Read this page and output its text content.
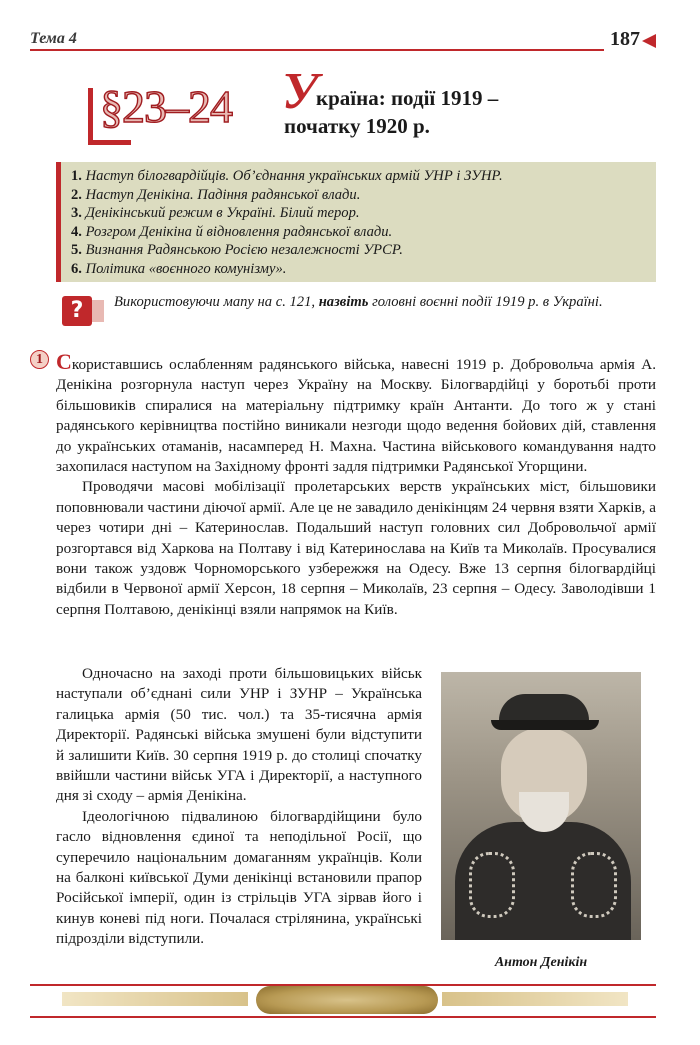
Тема 4	187
§23–24 У
країна: події 1919 –
початку 1920 р.
1. Наступ білогвардійців. Об’єднання українських армій УНР і ЗУНР.
2. Наступ Денікіна. Падіння радянської влади.
3. Денікінський режим в Україні. Білий терор.
4. Розгром Денікіна й відновлення радянської влади.
5. Визнання Радянською Росією незалежності УРСР.
6. Політика «воєнного комунізму».
?	Використовуючи мапу на с. 121, назвіть головні воєнні події 1919 р. в Україні.
1 Скориставшись ослабленням радянського війська, навесні 1919 р. Добровольча армія А. Денікіна розгорнула наступ через Україну на Москву. Білогвардійці у боротьбі проти більшовиків спиралися на матеріальну підтримку країн Антанти. До того ж у стані радянського керівництва постійно виникали незгоди щодо ведення бойових дій, ставлення до українських отаманів, насамперед Н. Махна. Частина військового командування надто захопилася наступом на Західному фронті задля підтримки Радянської Угорщини.

Проводячи масові мобілізації пролетарських верств українських міст, більшовики поповнювали частини діючої армії. Але це не завадило денікінцям 24 червня взяти Харків, а через чотири дні – Катеринослав. Подальший наступ головних сил Добровольчої армії розгортався від Харкова на Полтаву і від Катеринослава на Київ та Миколаїв. Просувалися вони також уздовж Чорноморського узбережжя на Одесу. Вже 13 серпня білогвардійці відбили в Червоної армії Херсон, 18 серпня – Миколаїв, 23 серпня – Одесу. Заволодівши 1 серпня Полтавою, денікінці взяли напрямок на Київ.

Одночасно на заході проти більшовицьких військ наступали об’єднані сили УНР і ЗУНР – Українська галицька армія (50 тис. чол.) та 35-тисячна армія Директорії. Радянські війська змушені були відступити й залишити Київ. 30 серпня 1919 р. до столиці спочатку ввійшли частини військ УГА і Директорії, а наступного дня зі сходу – армія Денікіна.

Ідеологічною підвалиною білогвардійщини було гасло відновлення єдиної та неподільної Росії, що суперечило національним домаганням українців. Коли на балконі київської Думи денікінці встановили прапор Російської імперії, один із стрільців УГА зірвав його і кинув коневі під ноги. Почалася стрілянина, українські підрозділи відступили.

Антон Денікін
